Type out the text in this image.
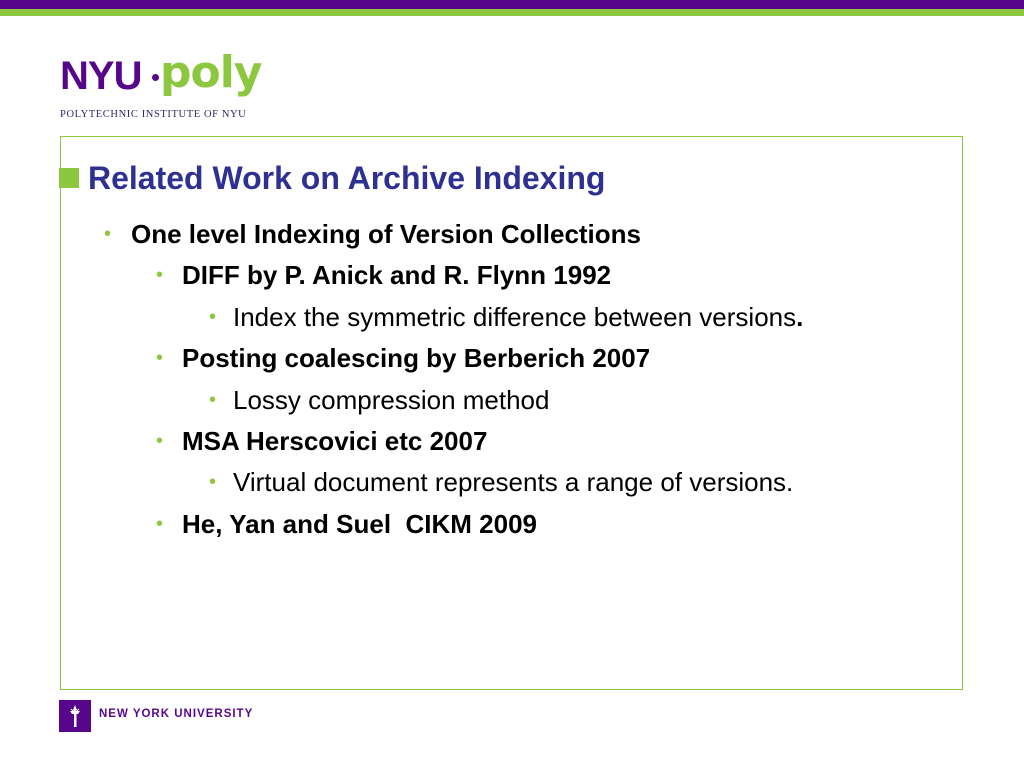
NYU poly
POLYTECHNIC INSTITUTE OF NYU
Related Work on Archive Indexing
• One level Indexing of Version Collections
• DIFF by P. Anick and R. Flynn 1992
• Index the symmetric difference between versions.
• Posting coalescing by Berberich 2007
• Lossy compression method
• MSA Herscovici etc 2007
• Virtual document represents a range of versions.
• He, Yan and Suel  CIKM 2009
NEW YORK UNIVERSITY
